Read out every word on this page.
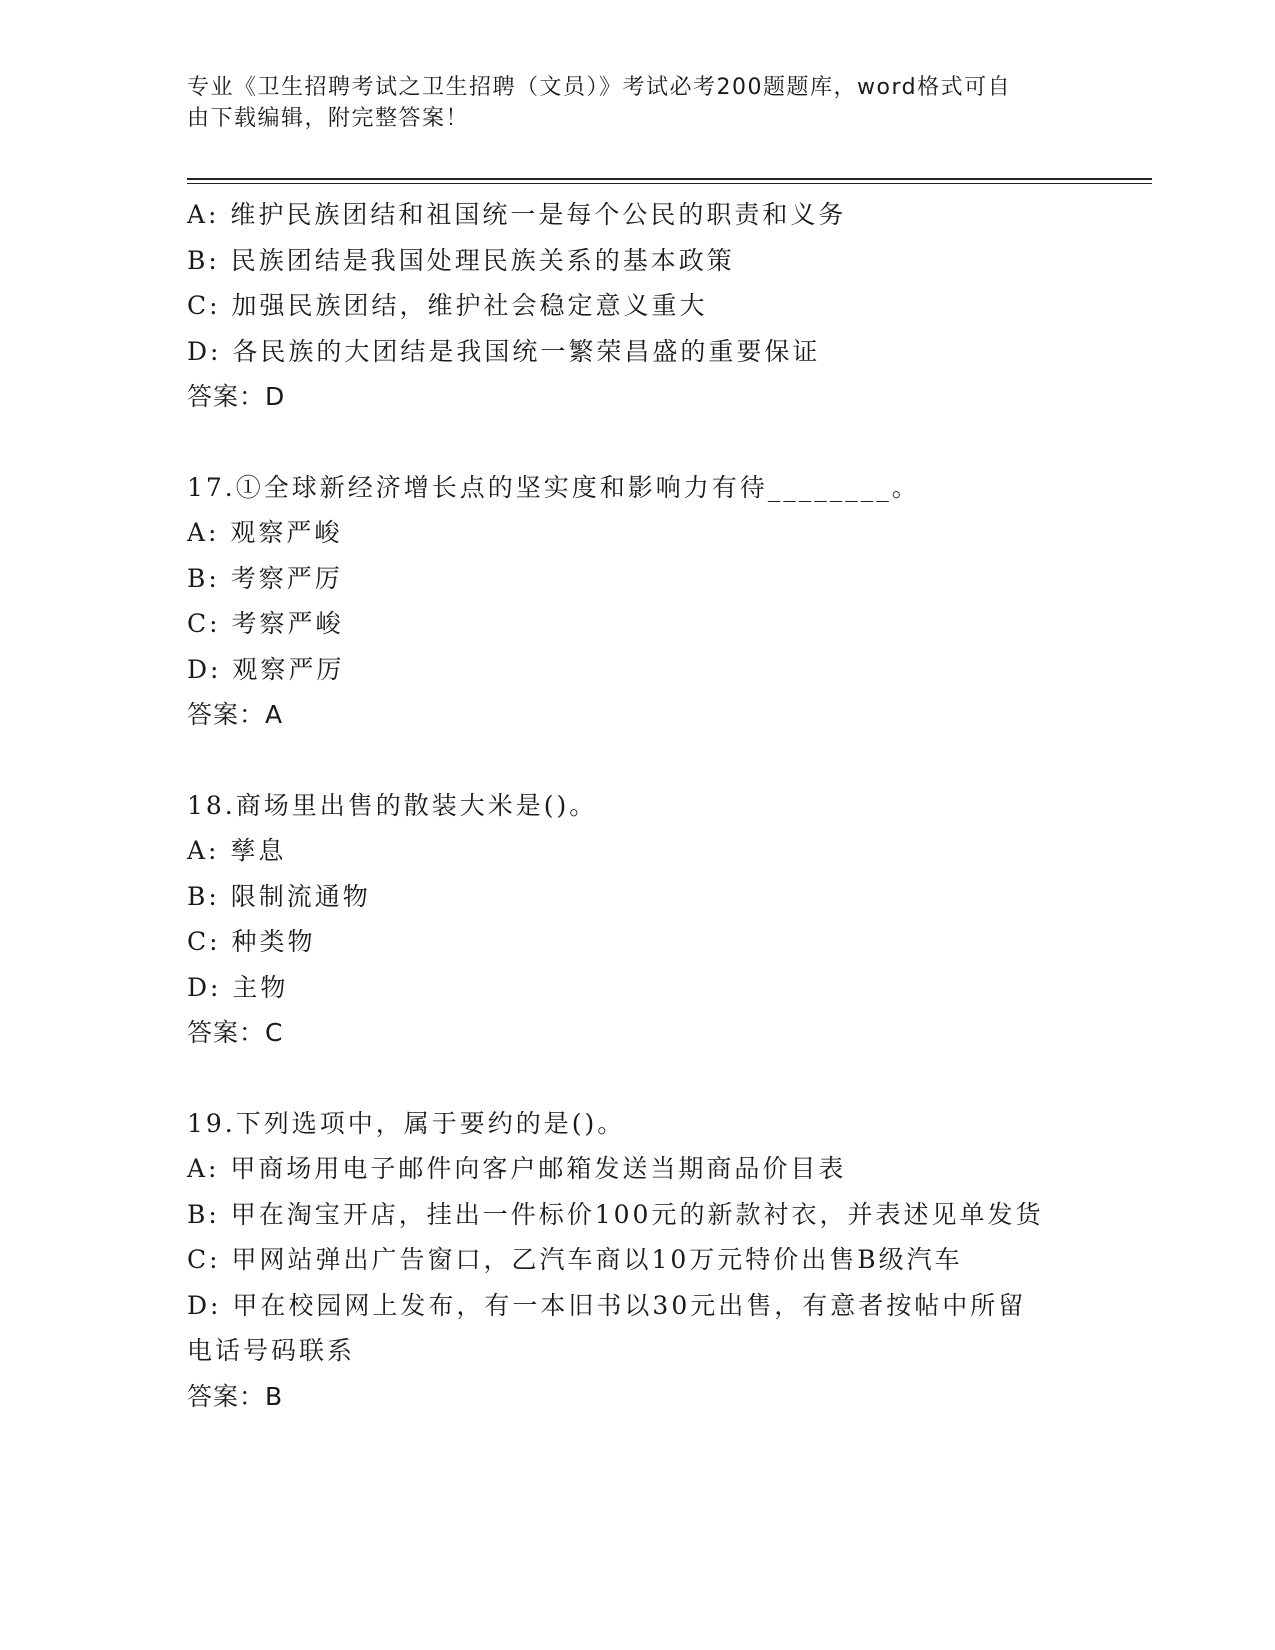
专业《卫生招聘考试之卫生招聘（文员）》考试必考200题题库，word格式可自
由下载编辑，附完整答案！
A: 维护民族团结和祖国统一是每个公民的职责和义务
B: 民族团结是我国处理民族关系的基本政策
C: 加强民族团结，维护社会稳定意义重大
D: 各民族的大团结是我国统一繁荣昌盛的重要保证
答案：D
17.①全球新经济增长点的坚实度和影响力有待________。
A: 观察严峻
B: 考察严厉
C: 考察严峻
D: 观察严厉
答案：A
18.商场里出售的散装大米是()。
A: 孳息
B: 限制流通物
C: 种类物
D: 主物
答案：C
19.下列选项中，属于要约的是()。
A: 甲商场用电子邮件向客户邮箱发送当期商品价目表
B: 甲在淘宝开店，挂出一件标价100元的新款衬衣，并表述见单发货
C: 甲网站弹出广告窗口，乙汽车商以10万元特价出售B级汽车
D: 甲在校园网上发布，有一本旧书以30元出售，有意者按帖中所留
电话号码联系
答案：B
